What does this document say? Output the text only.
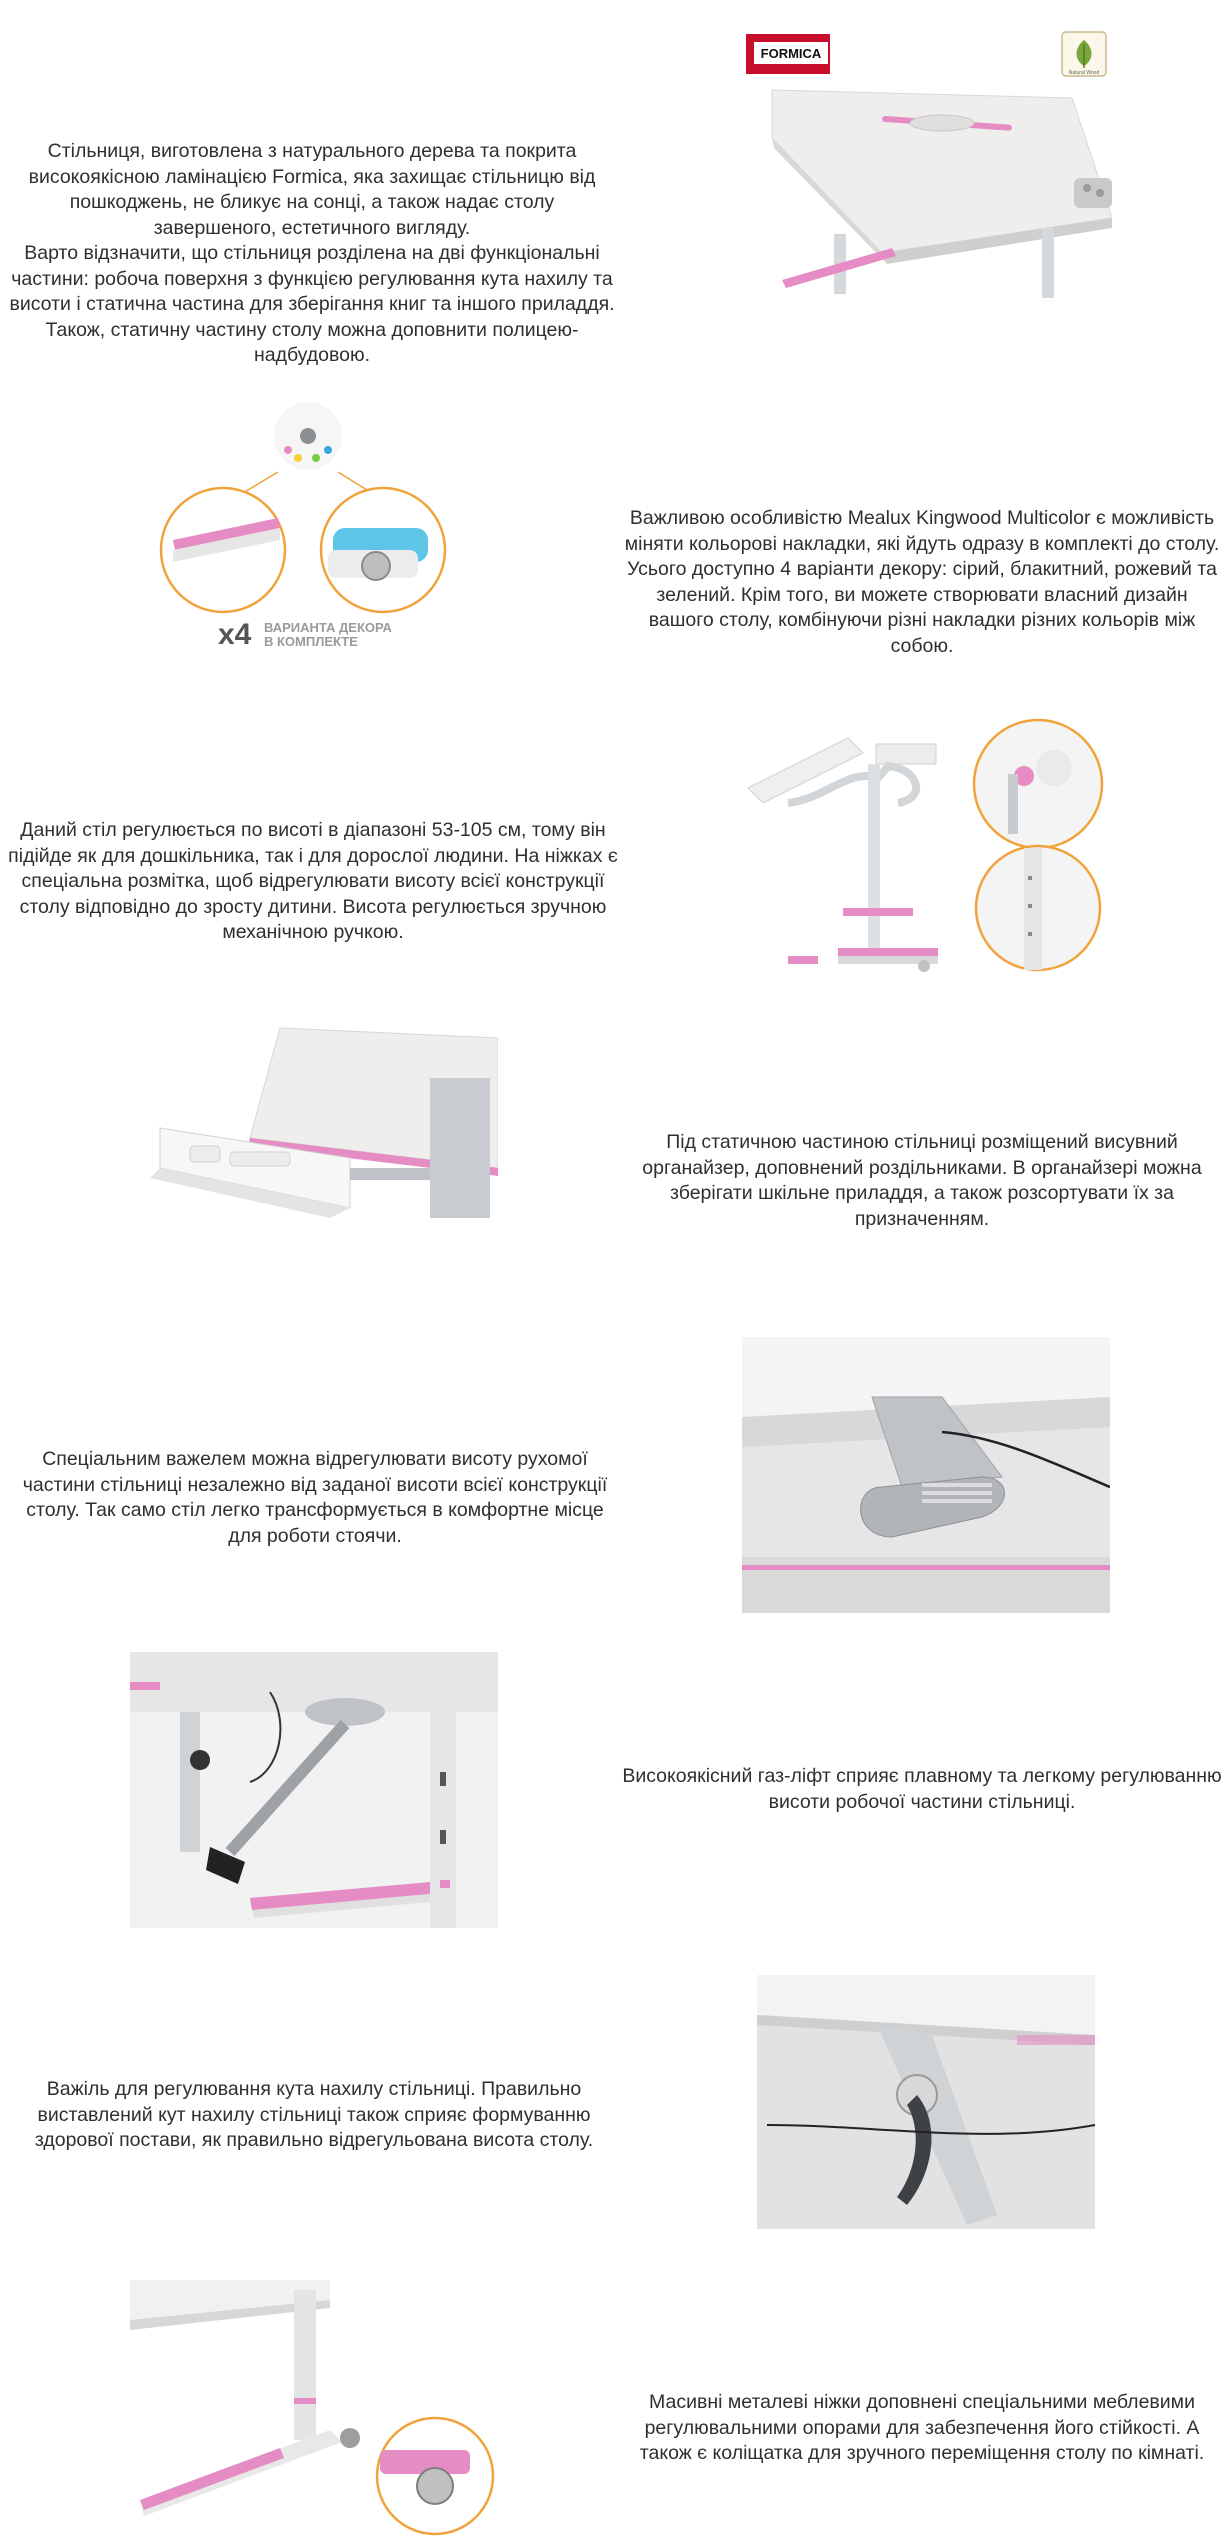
Стільниця, виготовлена з натурального дерева та покрита високоякісною ламінацією Formica, яка захищає стільницю від пошкоджень, не бликує на сонці, а також надає столу завершеного, естетичного вигляду.

Варто відзначити, що стільниця розділена на дві функціональні частини: робоча поверхня з функцією регулювання кута нахилу та висоти і статична частина для зберігання книг та іншого приладдя. Також, статичну частину столу можна доповнити полицею-надбудовою.

FORMICA
Natural Wood
x4 ВАРИАНТА ДЕКОРА
В КОМПЛЕКТЕ

Важливою особливістю Mealux Kingwood Multicolor є можливість міняти кольорові накладки, які йдуть одразу в комплекті до столу. Усього доступно 4 варіанти декору: сірий, блакитний, рожевий та зелений. Крім того, ви можете створювати власний дизайн вашого столу, комбінуючи різні накладки різних кольорів між собою.

Даний стіл регулюється по висоті в діапазоні 53-105 см, тому він підійде як для дошкільника, так і для дорослої людини. На ніжках є спеціальна розмітка, щоб відрегулювати висоту всієї конструкції столу відповідно до зросту дитини. Висота регулюється зручною механічною ручкою.

Під статичною частиною стільниці розміщений висувний органайзер, доповнений роздільниками. В органайзері можна зберігати шкільне приладдя, а також розсортувати їх за призначенням.

Спеціальним важелем можна відрегулювати висоту рухомої частини стільниці незалежно від заданої висоти всієї конструкції столу. Так само стіл легко трансформується в комфортне місце для роботи стоячи.

Високоякісний газ-ліфт сприяє плавному та легкому регулюванню висоти робочої частини стільниці.

Важіль для регулювання кута нахилу стільниці. Правильно виставлений кут нахилу стільниці також сприяє формуванню здорової постави, як правильно відрегульована висота столу.

Масивні металеві ніжки доповнені спеціальними меблевими регулювальними опорами для забезпечення його стійкості. А також є коліщатка для зручного переміщення столу по кімнаті.
